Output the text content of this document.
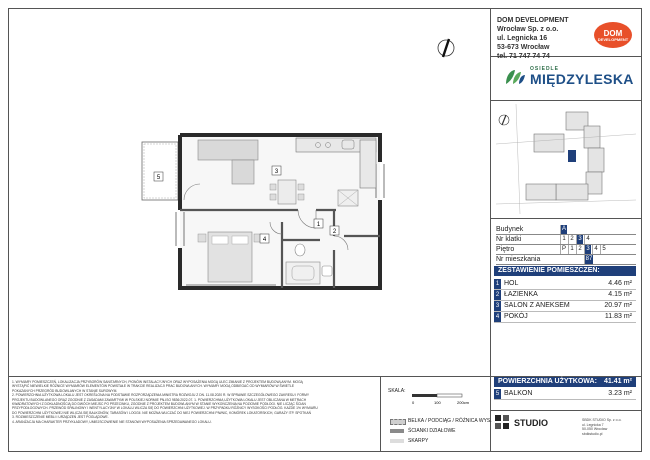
DOM DEVELOPMENT
Wrocław Sp. z o.o.
ul. Legnicka 16
53-673 Wrocław
tel. 71 747 74 74
DOM
DEVELOPMENT
OSIEDLE
MIĘDZYLESKA
Budynek	A
Nr klatki	1 2 3 4
Piętro	P 1 2 3 4 5
Nr mieszkania	87
ZESTAWIENIE POMIESZCZEŃ:
1 HOL	4.46 m²
2 ŁAZIENKA	4.15 m²
3 SALON Z ANEKSEM	20.97 m²
4 POKÓJ	11.83 m²
POWIERZCHNIA UŻYTKOWA: 41.41 m²
5 BALKON	3.23 m²
1
2
3
4
5
1. WYMIARY POMIESZCZEŃ, LOKALIZACJA PRZYBORÓW SANITARNYCH, PIONÓW INSTALACYJNYCH ORAZ WYPOSAŻENIA MOGĄ ULEC ZMIANIE Z PROJEKTEM BUDOWLANYM. MOGĄ
WYSTĄPIĆ NIEWIELKIE RÓŻNICE WYMIARÓW ELEMENTÓW POWSTAŁE W TRAKCIE REALIZACJI PRAC BUDOWLANYCH. WYMIARY MOGĄ ODBIEGAĆ OD WYMIARÓW W ŚWIETLE
POKAZANYCH PRZEGRÓD BUDOWLANYCH W STANIE SUROWYM.
2. POWIERZCHNIA UŻYTKOWA LOKALU JEST OKREŚLONA NA PODSTAWIE ROZPORZĄDZENIA MINISTRA ROZWOJU Z DN. 11.08.2020 R. W SPRAWIE SZCZEGÓŁOWEGO ZAKRESU I FORMY
PROJEKTU BUDOWLANEGO ORAZ ZGODNIE Z ZASADAMI ZAWARTYMI W POLSKIEJ NORMIE PN-ISO 9836:2022-07. 1. POWIERZCHNIA UŻYTKOWA LOKALU JEST OBLICZANA W METRACH
KWADRATOWYCH Z DOKŁADNOŚCIĄ DO DWÓCH MIEJSC PO PRZECINKU, ZGODNIE Z PROJEKTEM BUDOWLANYM W STANIE WYKOŃCZENIA NA POZIOMIE PODŁOGI. NIE LICZĄC ŚCIAN
PRZYPODŁOGOWYCH. PRZEWÓD SPALINOWY I WENTYLACYJNY W LOKALU WLICZA SIĘ DO POWIERZCHNI UŻYTKOWEJ. W PRZYPADKU RÓŻNICY WYSOKOŚCI PODŁÓG. KAŻDE 1% WYMIARU
DO POWIERZCHNI UŻYTKOWEJ NIE WLICZA SIĘ BALKONÓW, TARASÓW I LOGGII. NIE MOŻNA WLICZAĆ DO NIEJ POWIERZCHNI PIWNIC, KOMÓREK LOKATORSKICH, GARAŻY ITP. SPOTKAŃ
3. ROZMIESZCZENIE MEBLI I URZĄDZEŃ JEST POGLĄDOWE.
4. ARANŻACJA MA CHARAKTER PRZYKŁADOWY, UMIEJSCOWIENIE NIE STANOWI WYPOSAŻENIA SPRZEDAWANEGO LOKALU.
SKALA:
0	100	200cm
BELKA / PODCIĄG / RÓŻNICA WYS.
ŚCIANKI DZIAŁOWE
SKARPY
STUDIO	SBDK STUDIO Sp. z o.o.
ul. Legnicka 7
50-050 Wrocław
sbdkstudio.pl
